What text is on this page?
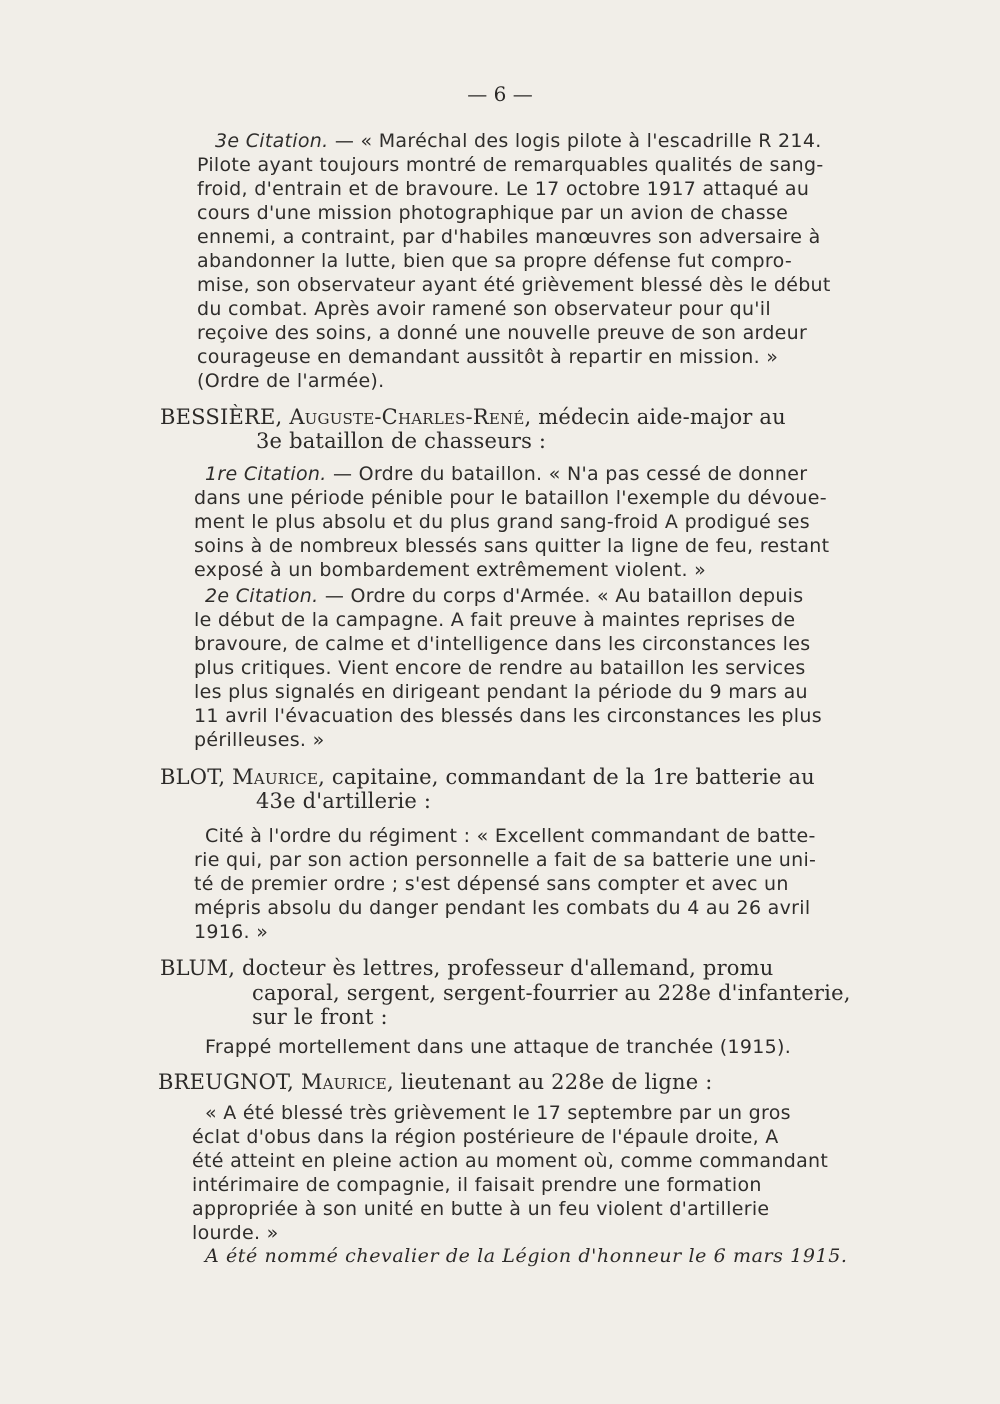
— 6 —
3e Citation. — « Maréchal des logis pilote à l'escadrille R 214.
Pilote ayant toujours montré de remarquables qualités de sang-
froid, d'entrain et de bravoure. Le 17 octobre 1917 attaqué au
cours d'une mission photographique par un avion de chasse
ennemi, a contraint, par d'habiles manœuvres son adversaire à
abandonner la lutte, bien que sa propre défense fut compro-
mise, son observateur ayant été grièvement blessé dès le début
du combat. Après avoir ramené son observateur pour qu'il
reçoive des soins, a donné une nouvelle preuve de son ardeur
courageuse en demandant aussitôt à repartir en mission. »
(Ordre de l'armée).
BESSIÈRE, Auguste-Charles-René, médecin aide-major au
3e bataillon de chasseurs :
1re Citation. — Ordre du bataillon. « N'a pas cessé de donner
dans une période pénible pour le bataillon l'exemple du dévoue-
ment le plus absolu et du plus grand sang-froid A prodigué ses
soins à de nombreux blessés sans quitter la ligne de feu, restant
exposé à un bombardement extrêmement violent. »
2e Citation. — Ordre du corps d'Armée. « Au bataillon depuis
le début de la campagne. A fait preuve à maintes reprises de
bravoure, de calme et d'intelligence dans les circonstances les
plus critiques. Vient encore de rendre au bataillon les services
les plus signalés en dirigeant pendant la période du 9 mars au
11 avril l'évacuation des blessés dans les circonstances les plus
périlleuses. »
BLOT, Maurice, capitaine, commandant de la 1re batterie au
43e d'artillerie :
Cité à l'ordre du régiment : « Excellent commandant de batte-
rie qui, par son action personnelle a fait de sa batterie une uni-
té de premier ordre ; s'est dépensé sans compter et avec un
mépris absolu du danger pendant les combats du 4 au 26 avril
1916. »
BLUM, docteur ès lettres, professeur d'allemand, promu
caporal, sergent, sergent-fourrier au 228e d'infanterie,
sur le front :
Frappé mortellement dans une attaque de tranchée (1915).
BREUGNOT, Maurice, lieutenant au 228e de ligne :
« A été blessé très grièvement le 17 septembre par un gros
éclat d'obus dans la région postérieure de l'épaule droite, A
été atteint en pleine action au moment où, comme commandant
intérimaire de compagnie, il faisait prendre une formation
appropriée à son unité en butte à un feu violent d'artillerie
lourde. »
A été nommé chevalier de la Légion d'honneur le 6 mars 1915.
